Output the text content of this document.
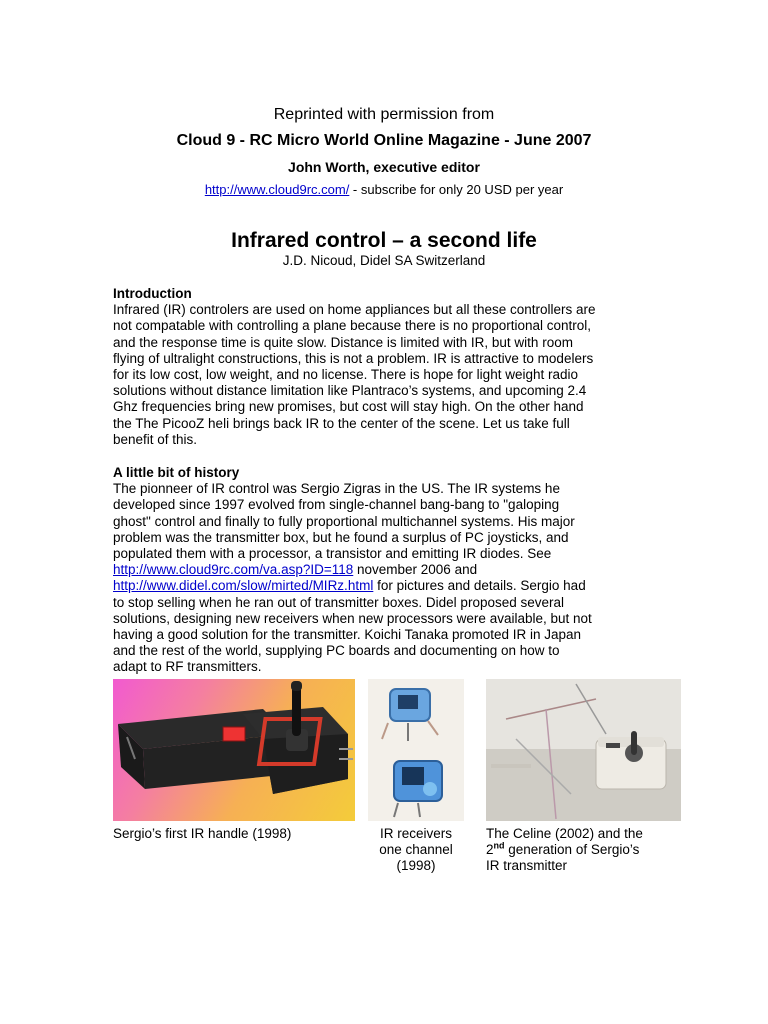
Reprinted with permission from
Cloud 9 - RC Micro World Online Magazine - June 2007
John Worth, executive editor
http://www.cloud9rc.com/ - subscribe for only 20 USD per year
Infrared control – a second life
J.D. Nicoud, Didel SA Switzerland
Introduction
Infrared (IR) controlers are used on home appliances but all these controllers are
not compatable with controlling a plane because there is no proportional control,
and the response time is quite slow. Distance is limited with IR, but with room
flying of ultralight constructions, this is not a problem. IR is attractive to modelers
for its low cost, low weight, and no license. There is hope for light weight radio
solutions without distance limitation like Plantraco’s systems, and upcoming 2.4
Ghz frequencies bring new promises, but cost will stay high. On the other hand
the The PicooZ heli brings back IR to the center of the scene. Let us take full
benefit of this.
A little bit of history
The pionneer of IR control was Sergio Zigras in the US. The IR systems he
developed since 1997 evolved from single-channel bang-bang to "galoping
ghost" control and finally to fully proportional multichannel systems. His major
problem was the transmitter box, but he found a surplus of PC joysticks, and
populated them with a processor, a transistor and emitting IR diodes. See
http://www.cloud9rc.com/va.asp?ID=118 november 2006 and
http://www.didel.com/slow/mirted/MIRz.html for pictures and details. Sergio had
to stop selling when he ran out of transmitter boxes. Didel proposed several
solutions, designing new receivers when new processors were available, but not
having a good solution for the transmitter. Koichi Tanaka promoted IR in Japan
and the rest of the world, supplying PC boards and documenting on how to
adapt to RF transmitters.
Sergio’s first IR handle (1998)	IR receivers
one channel
(1998)
The Celine (2002) and the
2nd generation of Sergio’s
IR transmitter
